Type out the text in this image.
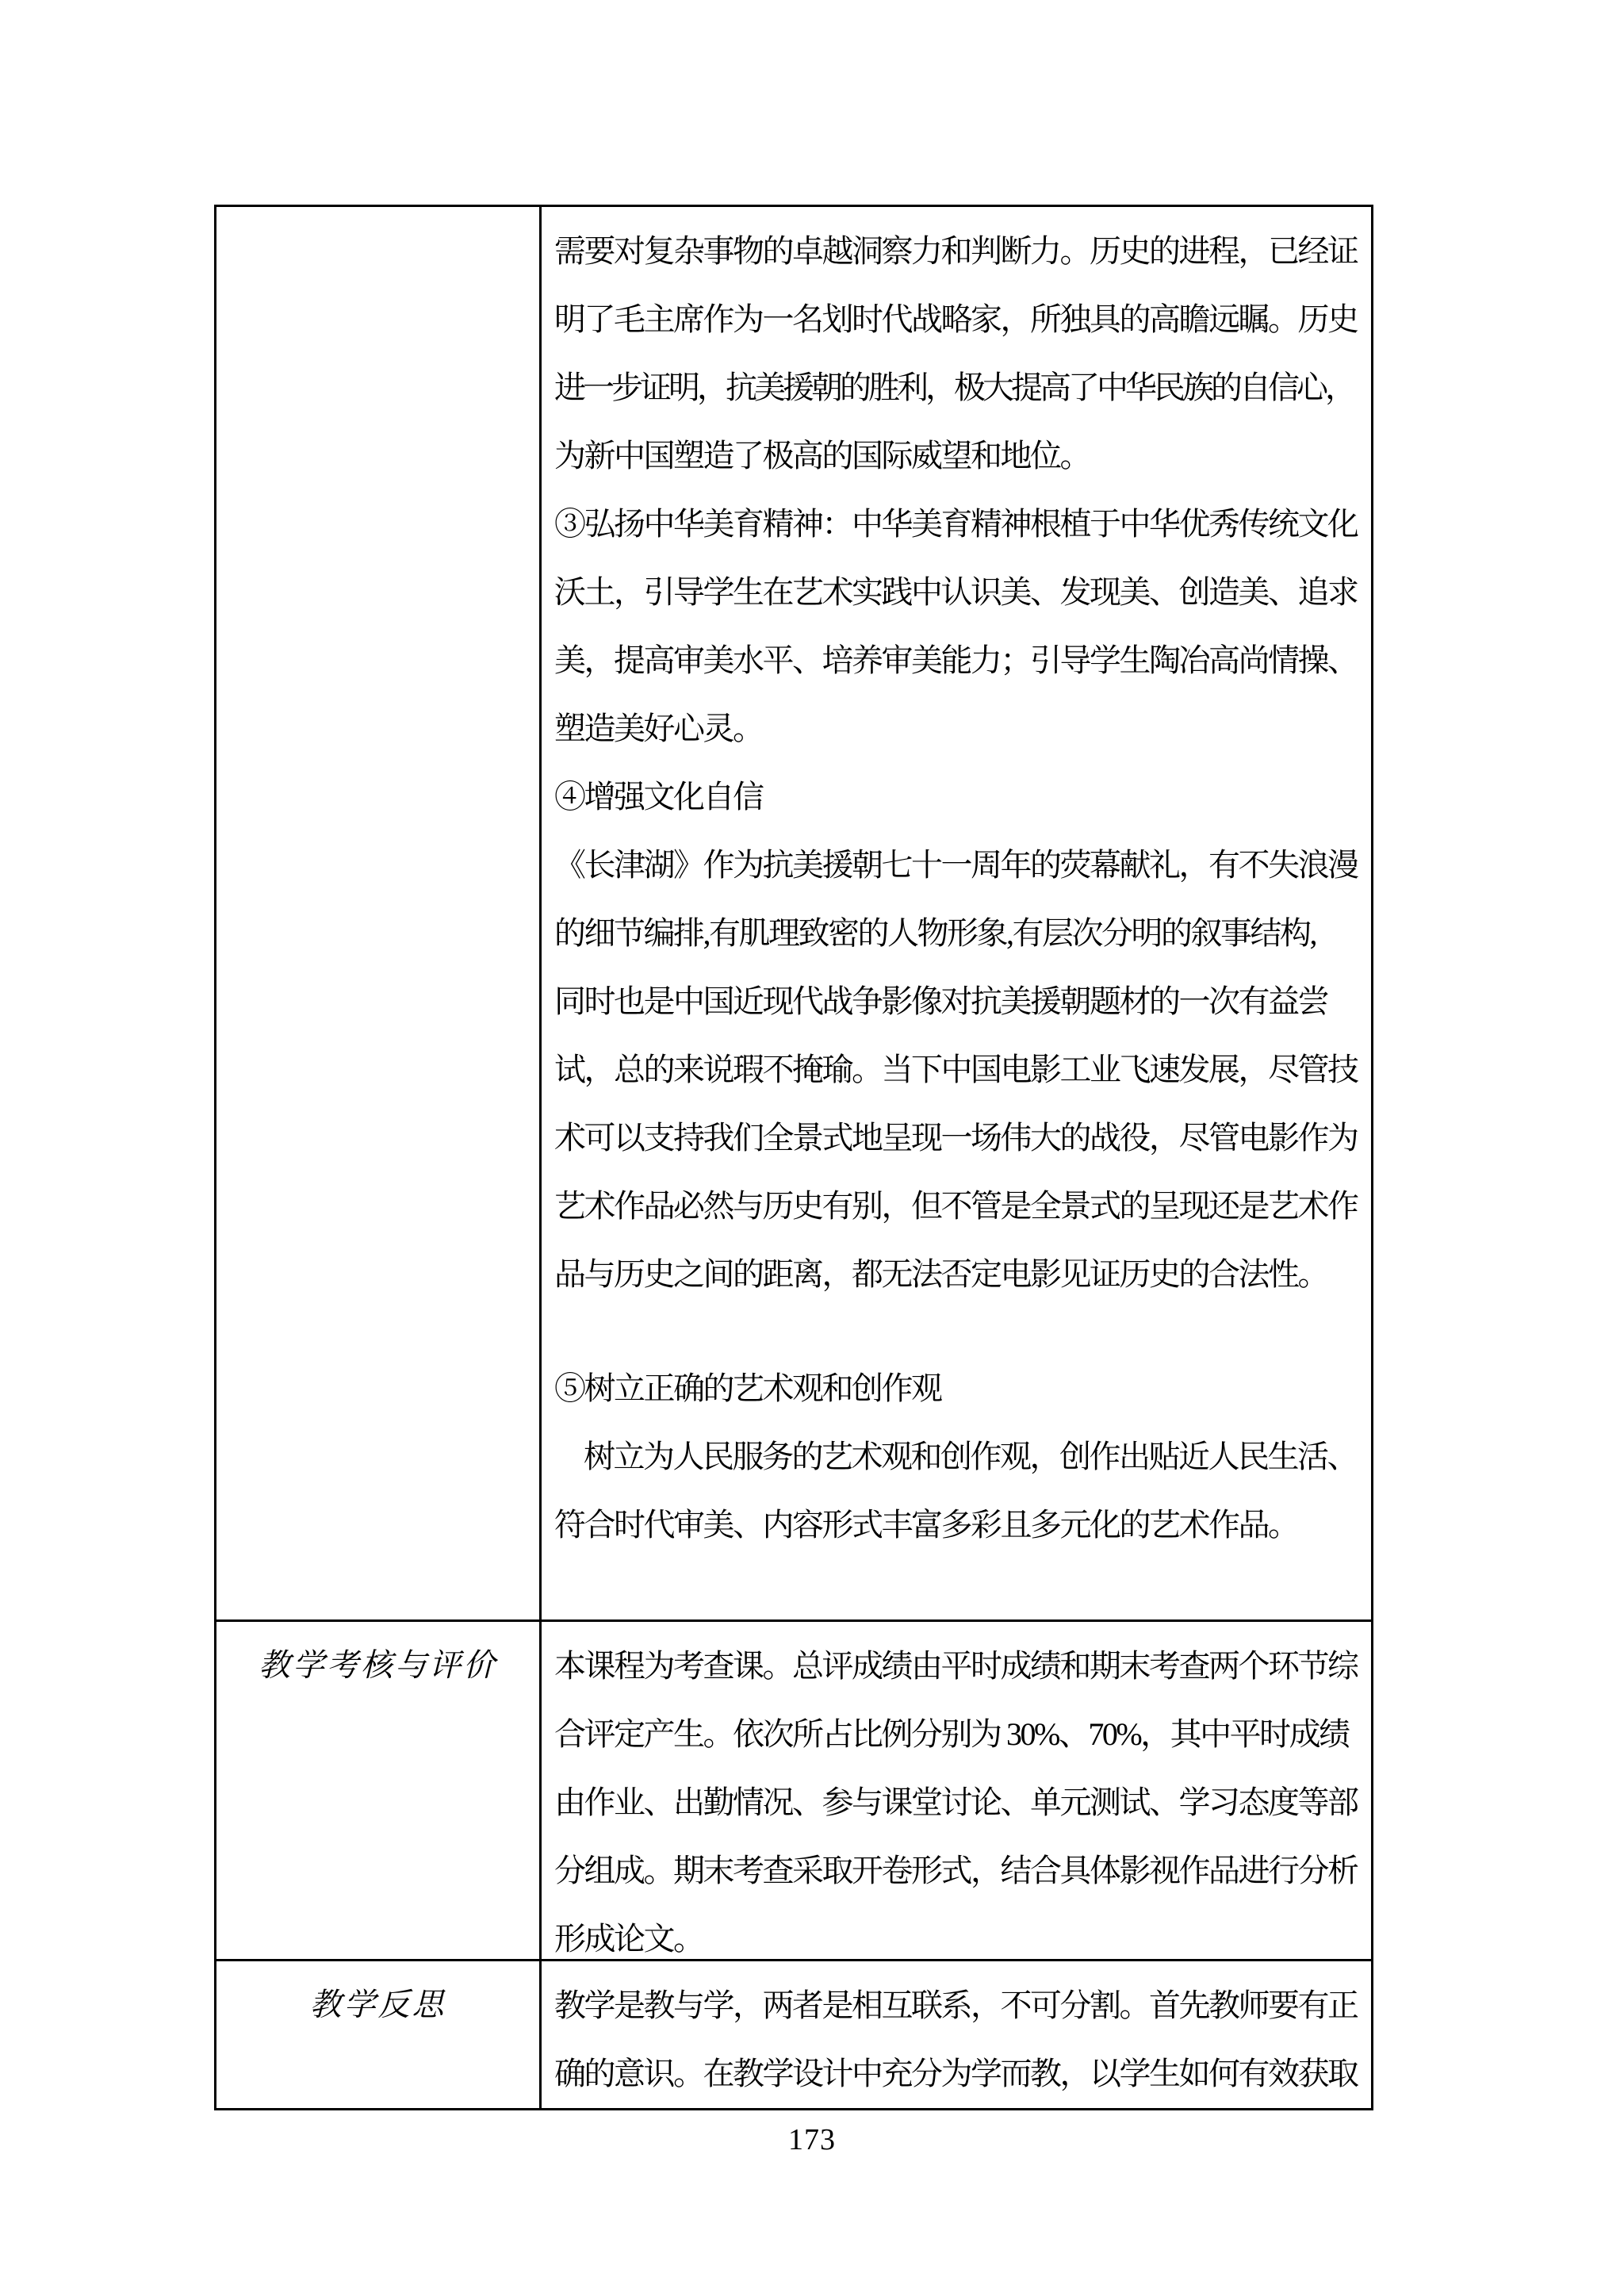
需要对复杂事物的卓越洞察力和判断力。历史的进程，已经证
明了毛主席作为一名划时代战略家，所独具的高瞻远瞩。历史
进一步证明，抗美援朝的胜利，极大提高了中华民族的自信心，
为新中国塑造了极高的国际威望和地位。
③弘扬中华美育精神：中华美育精神根植于中华优秀传统文化
沃土，引导学生在艺术实践中认识美、发现美、创造美、追求
美，提高审美水平、培养审美能力；引导学生陶冶高尚情操、
塑造美好心灵。
④增强文化自信
《长津湖》作为抗美援朝七十一周年的荧幕献礼，有不失浪漫
的细节编排,有肌理致密的人物形象,有层次分明的叙事结构,
同时也是中国近现代战争影像对抗美援朝题材的一次有益尝
试，总的来说瑕不掩瑜。当下中国电影工业飞速发展，尽管技
术可以支持我们全景式地呈现一场伟大的战役，尽管电影作为
艺术作品必然与历史有别，但不管是全景式的呈现还是艺术作
品与历史之间的距离，都无法否定电影见证历史的合法性。
⑤树立正确的艺术观和创作观
树立为人民服务的艺术观和创作观，创作出贴近人民生活、
符合时代审美、内容形式丰富多彩且多元化的艺术作品。
教学考核与评价	本课程为考查课。总评成绩由平时成绩和期末考查两个环节综
合评定产生。依次所占比例分别为 30%、70%，其中平时成绩
由作业、出勤情况、参与课堂讨论、单元测试、学习态度等部
分组成。期末考查采取开卷形式，结合具体影视作品进行分析
形成论文。
教学反思	教学是教与学，两者是相互联系，不可分割。首先教师要有正
确的意识。在教学设计中充分为学而教，以学生如何有效获取
173
